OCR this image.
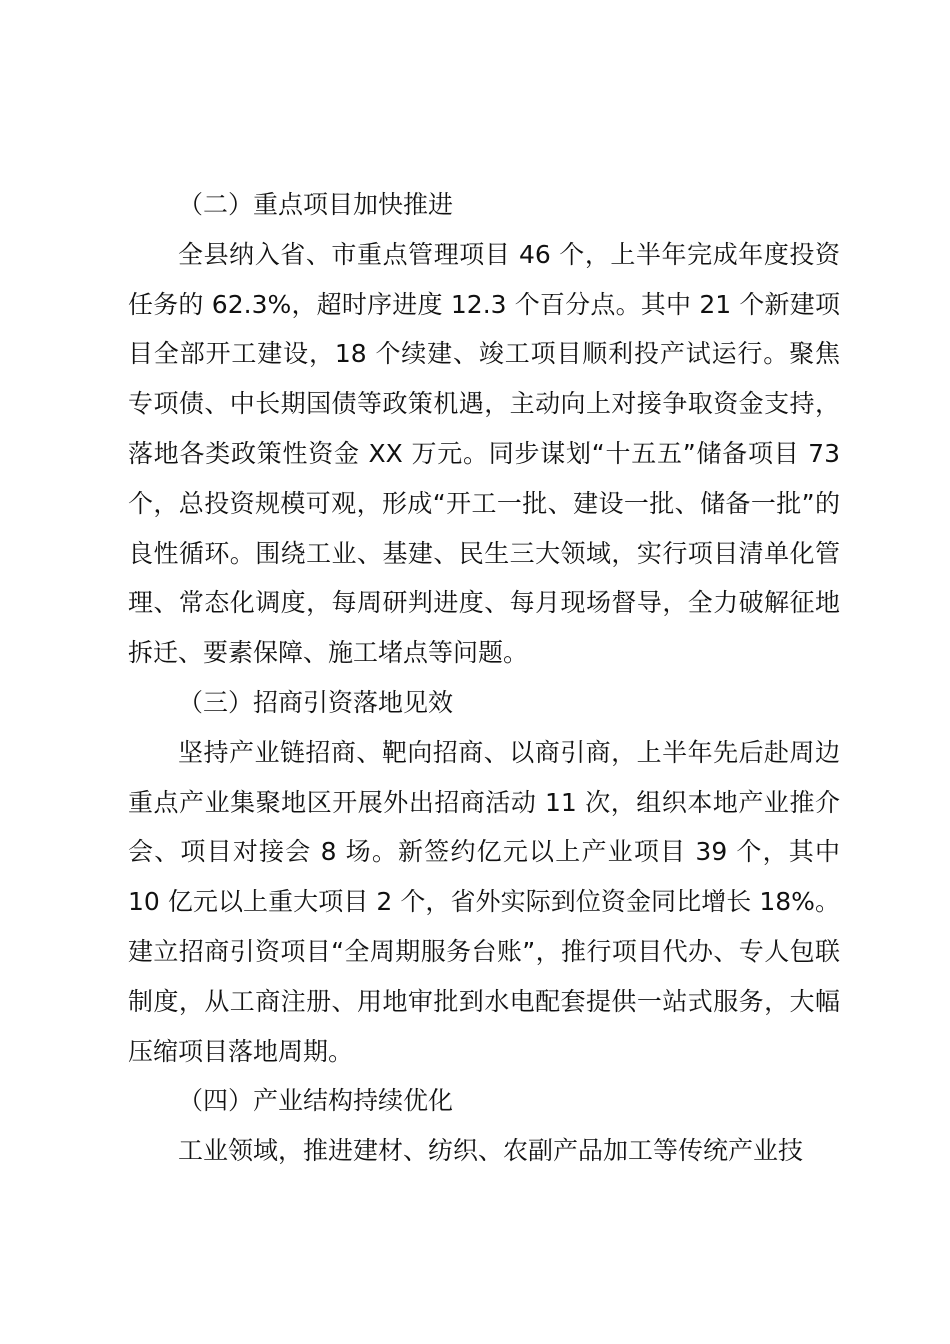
（二）重点项目加快推进

全县纳入省、市重点管理项目 46 个，上半年完成年度投资任务的 62.3%，超时序进度 12.3 个百分点。其中 21 个新建项目全部开工建设，18 个续建、竣工项目顺利投产试运行。聚焦专项债、中长期国债等政策机遇，主动向上对接争取资金支持，落地各类政策性资金 XX 万元。同步谋划“十五五”储备项目 73 个，总投资规模可观，形成“开工一批、建设一批、储备一批”的良性循环。围绕工业、基建、民生三大领域，实行项目清单化管理、常态化调度，每周研判进度、每月现场督导，全力破解征地拆迁、要素保障、施工堵点等问题。

（三）招商引资落地见效

坚持产业链招商、靶向招商、以商引商，上半年先后赴周边重点产业集聚地区开展外出招商活动 11 次，组织本地产业推介会、项目对接会 8 场。新签约亿元以上产业项目 39 个，其中 10 亿元以上重大项目 2 个，省外实际到位资金同比增长 18%。建立招商引资项目“全周期服务台账”，推行项目代办、专人包联制度，从工商注册、用地审批到水电配套提供一站式服务，大幅压缩项目落地周期。

（四）产业结构持续优化

工业领域，推进建材、纺织、农副产品加工等传统产业技
